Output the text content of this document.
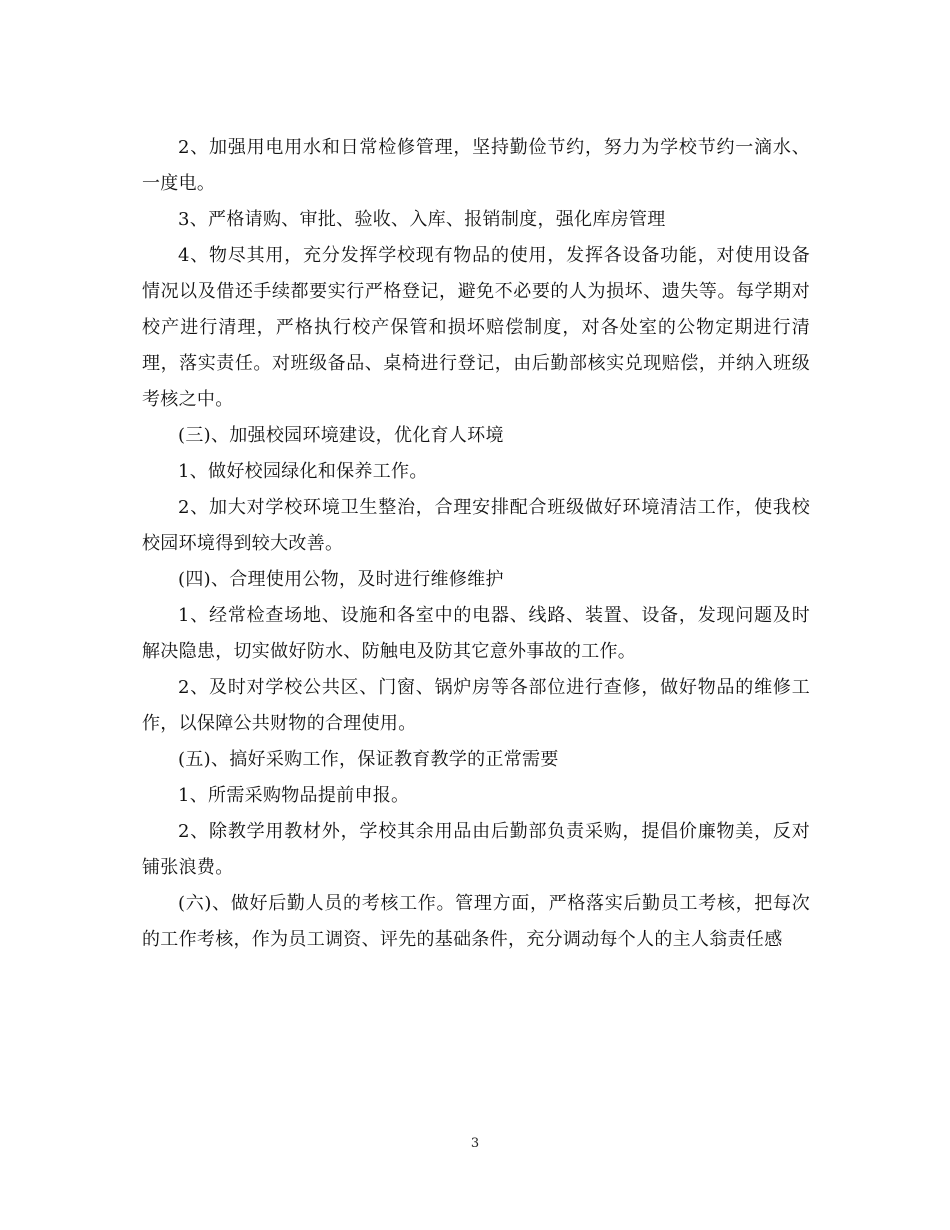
2、加强用电用水和日常检修管理，坚持勤俭节约，努力为学校节约一滴水、一度电。

3、严格请购、审批、验收、入库、报销制度，强化库房管理

4、物尽其用，充分发挥学校现有物品的使用，发挥各设备功能，对使用设备情况以及借还手续都要实行严格登记，避免不必要的人为损坏、遗失等。每学期对校产进行清理，严格执行校产保管和损坏赔偿制度，对各处室的公物定期进行清理，落实责任。对班级备品、桌椅进行登记，由后勤部核实兑现赔偿，并纳入班级考核之中。

(三)、加强校园环境建设，优化育人环境

1、做好校园绿化和保养工作。

2、加大对学校环境卫生整治，合理安排配合班级做好环境清洁工作，使我校校园环境得到较大改善。

(四)、合理使用公物，及时进行维修维护

1、经常检查场地、设施和各室中的电器、线路、装置、设备，发现问题及时解决隐患，切实做好防水、防触电及防其它意外事故的工作。

2、及时对学校公共区、门窗、锅炉房等各部位进行查修，做好物品的维修工作，以保障公共财物的合理使用。

(五)、搞好采购工作，保证教育教学的正常需要

1、所需采购物品提前申报。

2、除教学用教材外，学校其余用品由后勤部负责采购，提倡价廉物美，反对铺张浪费。

(六)、做好后勤人员的考核工作。管理方面，严格落实后勤员工考核，把每次的工作考核，作为员工调资、评先的基础条件，充分调动每个人的主人翁责任感

3
